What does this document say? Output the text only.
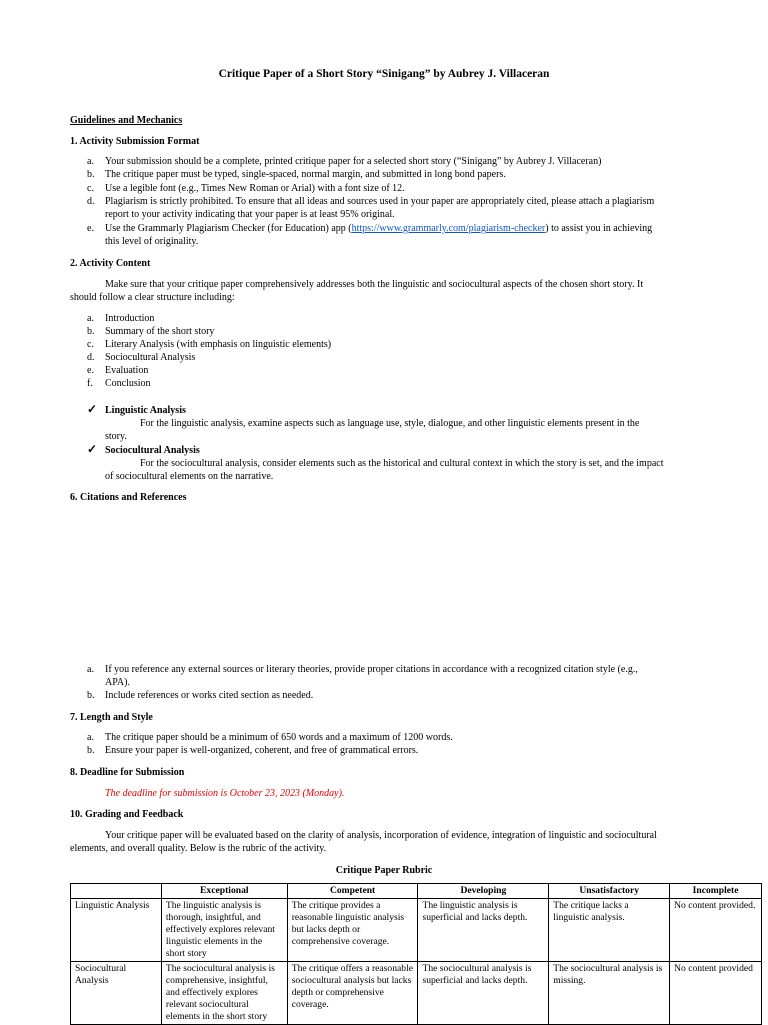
Critique Paper of a Short Story “Sinigang” by Aubrey J. Villaceran
Guidelines and Mechanics
1. Activity Submission Format
a.	Your submission should be a complete, printed critique paper for a selected short story (“Sinigang” by Aubrey J. Villaceran)
b.	The critique paper must be typed, single-spaced, normal margin, and submitted in long bond papers.
c.	Use a legible font (e.g., Times New Roman or Arial) with a font size of 12.
d.	Plagiarism is strictly prohibited. To ensure that all ideas and sources used in your paper are appropriately cited, please attach a plagiarism
report to your activity indicating that your paper is at least 95% original.
e.	Use the Grammarly Plagiarism Checker (for Education) app (https://www.grammarly.com/plagiarism-checker) to assist you in achieving
this level of originality.
2. Activity Content
Make sure that your critique paper comprehensively addresses both the linguistic and sociocultural aspects of the chosen short story. It
should follow a clear structure including:
a.	Introduction
b.	Summary of the short story
c.	Literary Analysis (with emphasis on linguistic elements)
d.	Sociocultural Analysis
e.	Evaluation
f.	Conclusion
✓ Linguistic Analysis
For the linguistic analysis, examine aspects such as language use, style, dialogue, and other linguistic elements present in the
story.
✓ Sociocultural Analysis
For the sociocultural analysis, consider elements such as the historical and cultural context in which the story is set, and the impact
of sociocultural elements on the narrative.
6. Citations and References
a.	If you reference any external sources or literary theories, provide proper citations in accordance with a recognized citation style (e.g.,
APA).
b.	Include references or works cited section as needed.
7. Length and Style
a.	The critique paper should be a minimum of 650 words and a maximum of 1200 words.
b.	Ensure your paper is well-organized, coherent, and free of grammatical errors.
8. Deadline for Submission
The deadline for submission is October 23, 2023 (Monday).
10. Grading and Feedback
Your critique paper will be evaluated based on the clarity of analysis, incorporation of evidence, integration of linguistic and sociocultural
elements, and overall quality. Below is the rubric of the activity.
Critique Paper Rubric
	Exceptional	Competent	Developing	Unsatisfactory	Incomplete
Linguistic Analysis	The linguistic analysis is thorough, insightful, and effectively explores relevant linguistic elements in the short story	The critique provides a reasonable linguistic analysis but lacks depth or comprehensive coverage.	The linguistic analysis is superficial and lacks depth.	The critique lacks a linguistic analysis.	No content provided.
Sociocultural Analysis	The sociocultural analysis is comprehensive, insightful, and effectively explores relevant sociocultural elements in the short story	The critique offers a reasonable sociocultural analysis but lacks depth or comprehensive coverage.	The sociocultural analysis is superficial and lacks depth.	The sociocultural analysis is missing.	No content provided
